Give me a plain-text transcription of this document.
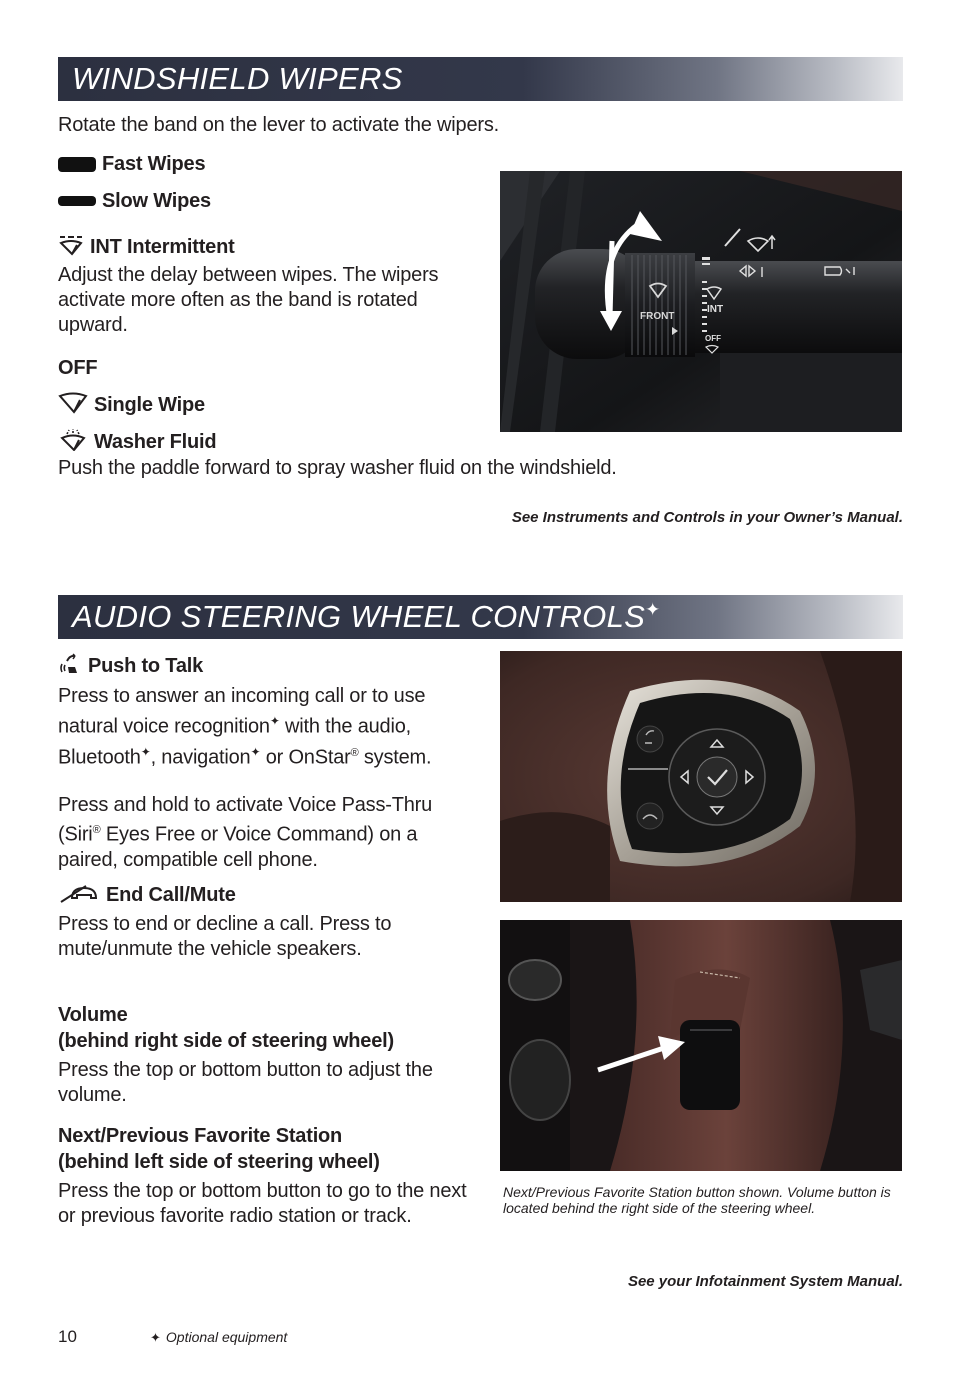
WINDSHIELD WIPERS
Rotate the band on the lever to activate the wipers.
Fast Wipes
Slow Wipes
INT Intermittent
Adjust the delay between wipes. The wipers activate more often as the band is rotated upward.
OFF
Single Wipe
Washer Fluid
Push the paddle forward to spray washer fluid on the windshield.
See Instruments and Controls in your Owner’s Manual.
FRONT
INT
OFF
AUDIO STEERING WHEEL CONTROLS✦
Push to Talk
Press to answer an incoming call or to use natural voice recognition✦ with the audio, Bluetooth✦, navigation✦ or OnStar® system.
Press and hold to activate Voice Pass-Thru (Siri® Eyes Free or Voice Command) on a paired, compatible cell phone.
End Call/Mute
Press to end or decline a call. Press to mute/unmute the vehicle speakers.
Volume
(behind right side of steering wheel)
Press the top or bottom button to adjust the volume.
Next/Previous Favorite Station
(behind left side of steering wheel)
Press the top or bottom button to go to the next or previous favorite radio station or track.
Next/Previous Favorite Station button shown. Volume button is located behind the right side of the steering wheel.
See your Infotainment System Manual.
10	✦ Optional equipment
